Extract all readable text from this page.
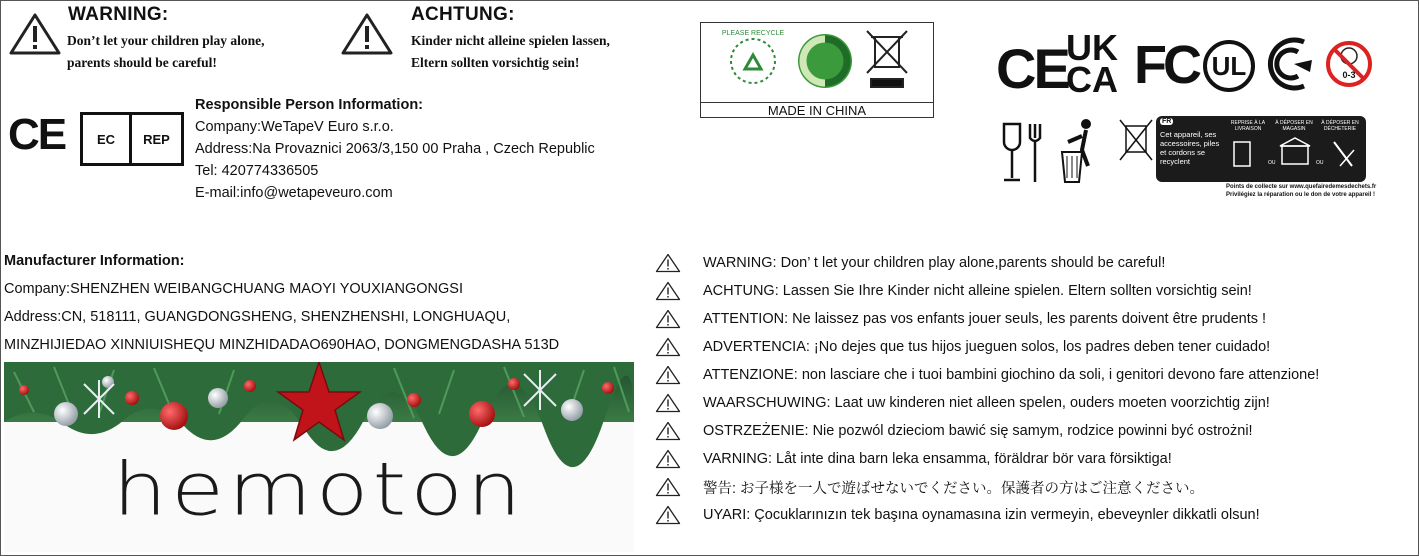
WARNING:
Don’t let your children play alone,
parents should be careful!
ACHTUNG:
Kinder nicht alleine spielen lassen,
Eltern sollten vorsichtig sein!
CE	EC	REP
Responsible Person Information:
Company:WeTapeV Euro s.r.o.
Address:Na Provaznici 2063/3,150 00 Praha , Czech Republic
Tel: 420774336505
E-mail:info@wetapeveuro.com
PLEASE RECYCLE
MADE IN CHINA
CE
UK
CA FC UL	0-3
FR
Cet appareil, ses accessoires, piles et cordons se recyclent
REPRISE À LA LIVRAISON
À DÉPOSER EN MAGASIN
À DÉPOSER EN DÉCHETERIE
OU	OU
Points de collecte sur www.quefairedemesdechets.fr
Privilégiez la réparation ou le don de votre appareil !
Manufacturer Information:
Company:SHENZHEN WEIBANGCHUANG MAOYI YOUXIANGONGSI
Address:CN, 518111, GUANGDONGSHENG, SHENZHENSHI, LONGHUAQU,
MINZHIJIEDAO XINNIUISHEQU MINZHIDADAO690HAO, DONGMENGDASHA 513D
hemoton
WARNING: Don’ t let your children play alone,parents should be careful!
ACHTUNG: Lassen Sie Ihre Kinder nicht alleine spielen. Eltern sollten vorsichtig sein!
ATTENTION: Ne laissez pas vos enfants jouer seuls, les parents doivent être prudents !
ADVERTENCIA: ¡No dejes que tus hijos jueguen solos, los padres deben tener cuidado!
ATTENZIONE: non lasciare che i tuoi bambini giochino da soli, i genitori devono fare attenzione!
WAARSCHUWING: Laat uw kinderen niet alleen spelen, ouders moeten voorzichtig zijn!
OSTRZEŻENIE: Nie pozwól dzieciom bawić się samym, rodzice powinni być ostrożni!
VARNING: Låt inte dina barn leka ensamma, föräldrar bör vara försiktiga!
警告: お子様を一人で遊ばせないでください。保護者の方はご注意ください。
UYARI: Çocuklarınızın tek başına oynamasına izin vermeyin, ebeveynler dikkatli olsun!
